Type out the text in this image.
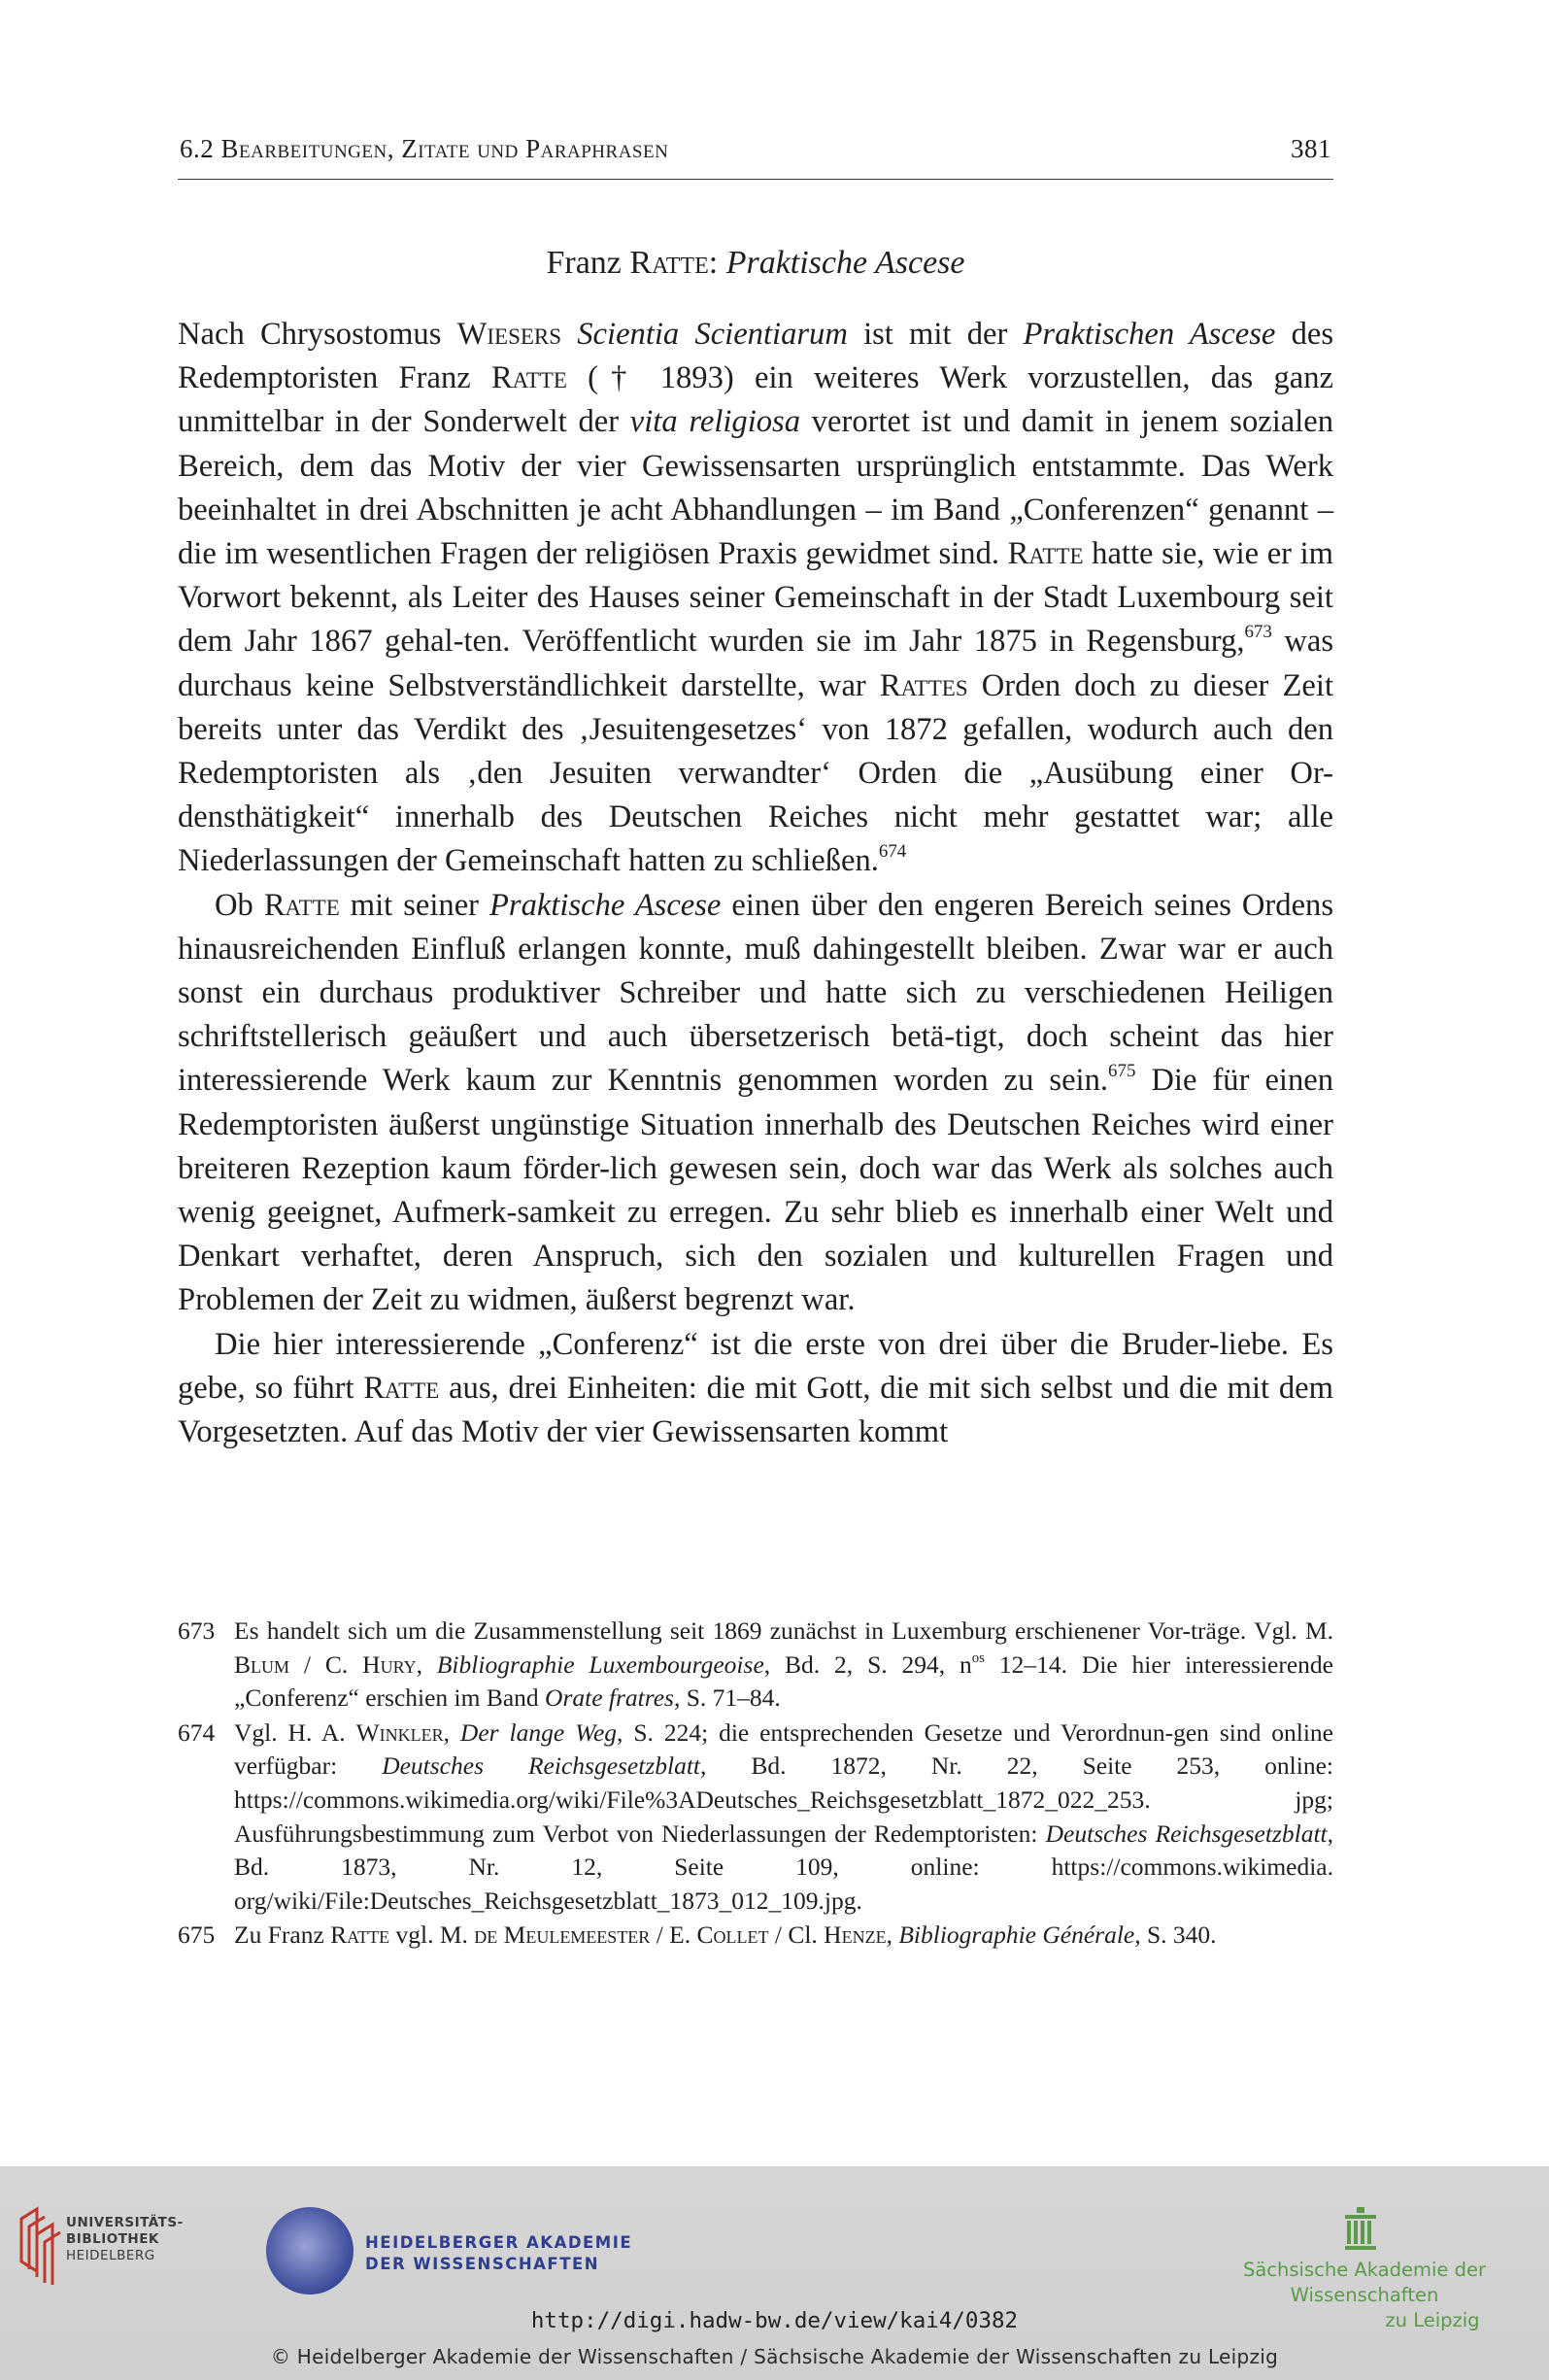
6.2 Bearbeitungen, Zitate und Paraphrasen	381
Franz Ratte: Praktische Ascese

Nach Chrysostomus Wiesers Scientia Scientiarum ist mit der Praktischen Ascese des Redemptoristen Franz Ratte († 1893) ein weiteres Werk vorzustellen, das ganz unmittelbar in der Sonderwelt der vita religiosa verortet ist und damit in jenem sozialen Bereich, dem das Motiv der vier Gewissensarten ursprünglich entstammte. Das Werk beeinhaltet in drei Abschnitten je acht Abhandlungen – im Band „Conferenzen“ genannt – die im wesentlichen Fragen der religiösen Praxis gewidmet sind. Ratte hatte sie, wie er im Vorwort bekennt, als Leiter des Hauses seiner Gemeinschaft in der Stadt Luxembourg seit dem Jahr 1867 gehal-ten. Veröffentlicht wurden sie im Jahr 1875 in Regensburg,$^{673}$ was durchaus keine Selbstverständlichkeit darstellte, war Rattes Orden doch zu dieser Zeit bereits unter das Verdikt des ‚Jesuitengesetzes‘ von 1872 gefallen, wodurch auch den Redemptoristen als ‚den Jesuiten verwandter‘ Orden die „Ausübung einer Or-densthätigkeit“ innerhalb des Deutschen Reiches nicht mehr gestattet war; alle Niederlassungen der Gemeinschaft hatten zu schließen.$^{674}$

Ob Ratte mit seiner Praktische Ascese einen über den engeren Bereich seines Ordens hinausreichenden Einfluß erlangen konnte, muß dahingestellt bleiben. Zwar war er auch sonst ein durchaus produktiver Schreiber und hatte sich zu verschiedenen Heiligen schriftstellerisch geäußert und auch übersetzerisch betä-tigt, doch scheint das hier interessierende Werk kaum zur Kenntnis genommen worden zu sein.$^{675}$ Die für einen Redemptoristen äußerst ungünstige Situation innerhalb des Deutschen Reiches wird einer breiteren Rezeption kaum förder-lich gewesen sein, doch war das Werk als solches auch wenig geeignet, Aufmerk-samkeit zu erregen. Zu sehr blieb es innerhalb einer Welt und Denkart verhaftet, deren Anspruch, sich den sozialen und kulturellen Fragen und Problemen der Zeit zu widmen, äußerst begrenzt war.

Die hier interessierende „Conferenz“ ist die erste von drei über die Bruder-liebe. Es gebe, so führt Ratte aus, drei Einheiten: die mit Gott, die mit sich selbst und die mit dem Vorgesetzten. Auf das Motiv der vier Gewissensarten kommt

673 Es handelt sich um die Zusammenstellung seit 1869 zunächst in Luxemburg erschienener Vor-träge. Vgl. M. Blum / C. Hury, Bibliographie Luxembourgeoise, Bd. 2, S. 294, $n^{os}$ 12–14. Die hier interessierende „Conferenz“ erschien im Band Orate fratres, S. 71–84.
674 Vgl. H. A. Winkler, Der lange Weg, S. 224; die entsprechenden Gesetze und Verordnun-gen sind online verfügbar: Deutsches Reichsgesetzblatt, Bd. 1872, Nr. 22, Seite 253, online: https://commons.wikimedia.org/wiki/File%3ADeutsches_Reichsgesetzblatt_1872_022_253. jpg; Ausführungsbestimmung zum Verbot von Niederlassungen der Redemptoristen: Deutsches Reichsgesetzblatt, Bd. 1873, Nr. 12, Seite 109, online: https://commons.wikimedia. org/wiki/File:Deutsches_Reichsgesetzblatt_1873_012_109.jpg.
675 Zu Franz Ratte vgl. M. de Meulemeester / E. Collet / Cl. Henze, Bibliographie Générale, S. 340.
UNIVERSITÄTS-
BIBLIOTHEK
HEIDELBERG
HEIDELBERGER AKADEMIE
DER WISSENSCHAFTEN	Sächsische Akademie der Wissenschaften
zu Leipzig
http://digi.hadw-bw.de/view/kai4/0382
© Heidelberger Akademie der Wissenschaften / Sächsische Akademie der Wissenschaften zu Leipzig
